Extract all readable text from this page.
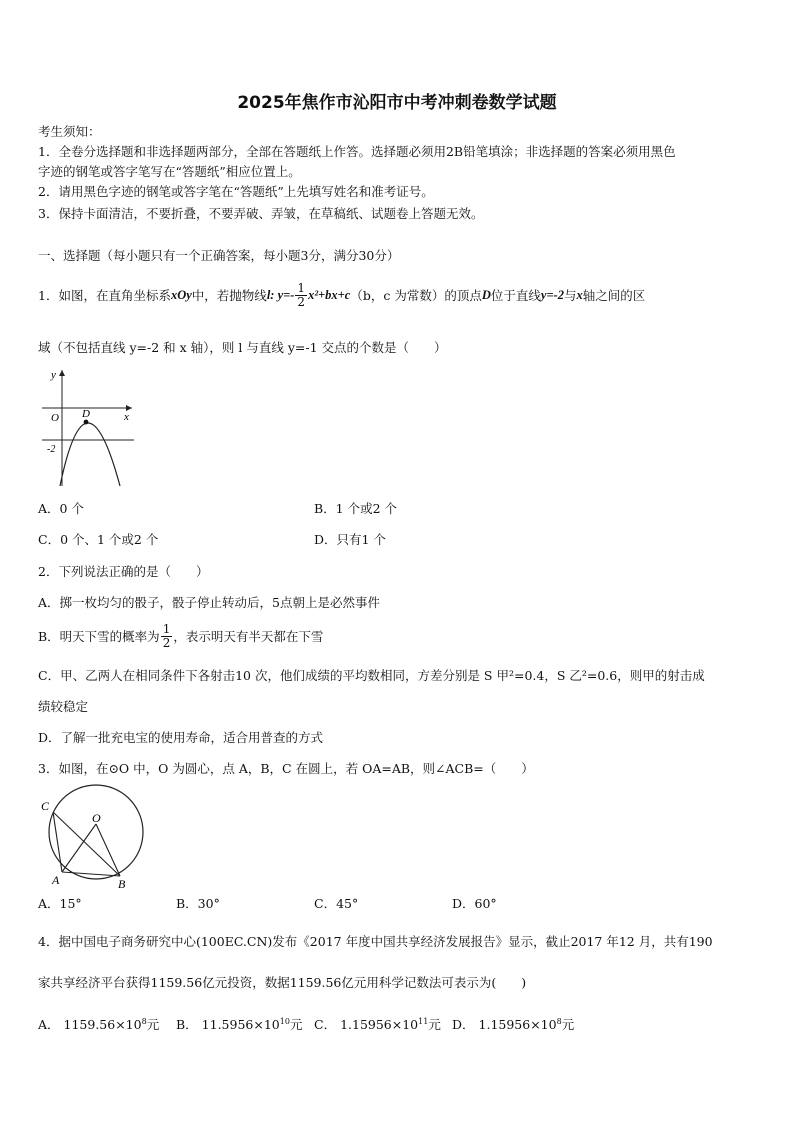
2025年焦作市沁阳市中考冲刺卷数学试题
考生须知：
1．全卷分选择题和非选择题两部分，全部在答题纸上作答。选择题必须用2B铅笔填涂；非选择题的答案必须用黑色
字迹的钢笔或答字笔写在“答题纸”相应位置上。
2．请用黑色字迹的钢笔或答字笔在“答题纸”上先填写姓名和准考证号。
3．保持卡面清洁，不要折叠，不要弄破、弄皱，在草稿纸、试题卷上答题无效。
一、选择题（每小题只有一个正确答案，每小题3分，满分30分）
1．如图，在直角坐标系 xOy 中，若抛物线 l: $y=- \frac{1}{2} x^2+bx+c$ （b，c 为常数）的顶点 D 位于直线 y=-2 与 x 轴之间的区
域（不包括直线 y=-2 和 x 轴），则 l 与直线 y=-1 交点的个数是（　　）
y
x
O D
-2
A．0 个	B．1 个或2 个
C．0 个、1 个或2 个	D．只有1 个
2．下列说法正确的是（　　）
A．掷一枚均匀的骰子，骰子停止转动后，5点朝上是必然事件
B．明天下雪的概率为 $\frac{1}{2}$ ，表示明天有半天都在下雪
C．甲、乙两人在相同条件下各射击10 次，他们成绩的平均数相同，方差分别是 S 甲²=0.4，S 乙²=0.6，则甲的射击成
绩较稳定
D．了解一批充电宝的使用寿命，适合用普查的方式
3．如图，在⊙O 中，O 为圆心，点 A，B，C 在圆上，若 OA=AB，则∠ACB=（　　）
C
O
A	B
A．15°	B．30°	C．45°	D．60°
4．据中国电子商务研究中心(100EC.CN)发布《2017 年度中国共享经济发展报告》显示，截止2017 年12 月，共有190
家共享经济平台获得1159.56亿元投资，数据1159.56亿元用科学记数法可表示为(　　)
A． $1159.56\times 10^8$元 B． $11.5956\times 10^{10}$元 C． $1.15956\times 10^{11}$元 D． $1.15956\times 10^8$元
